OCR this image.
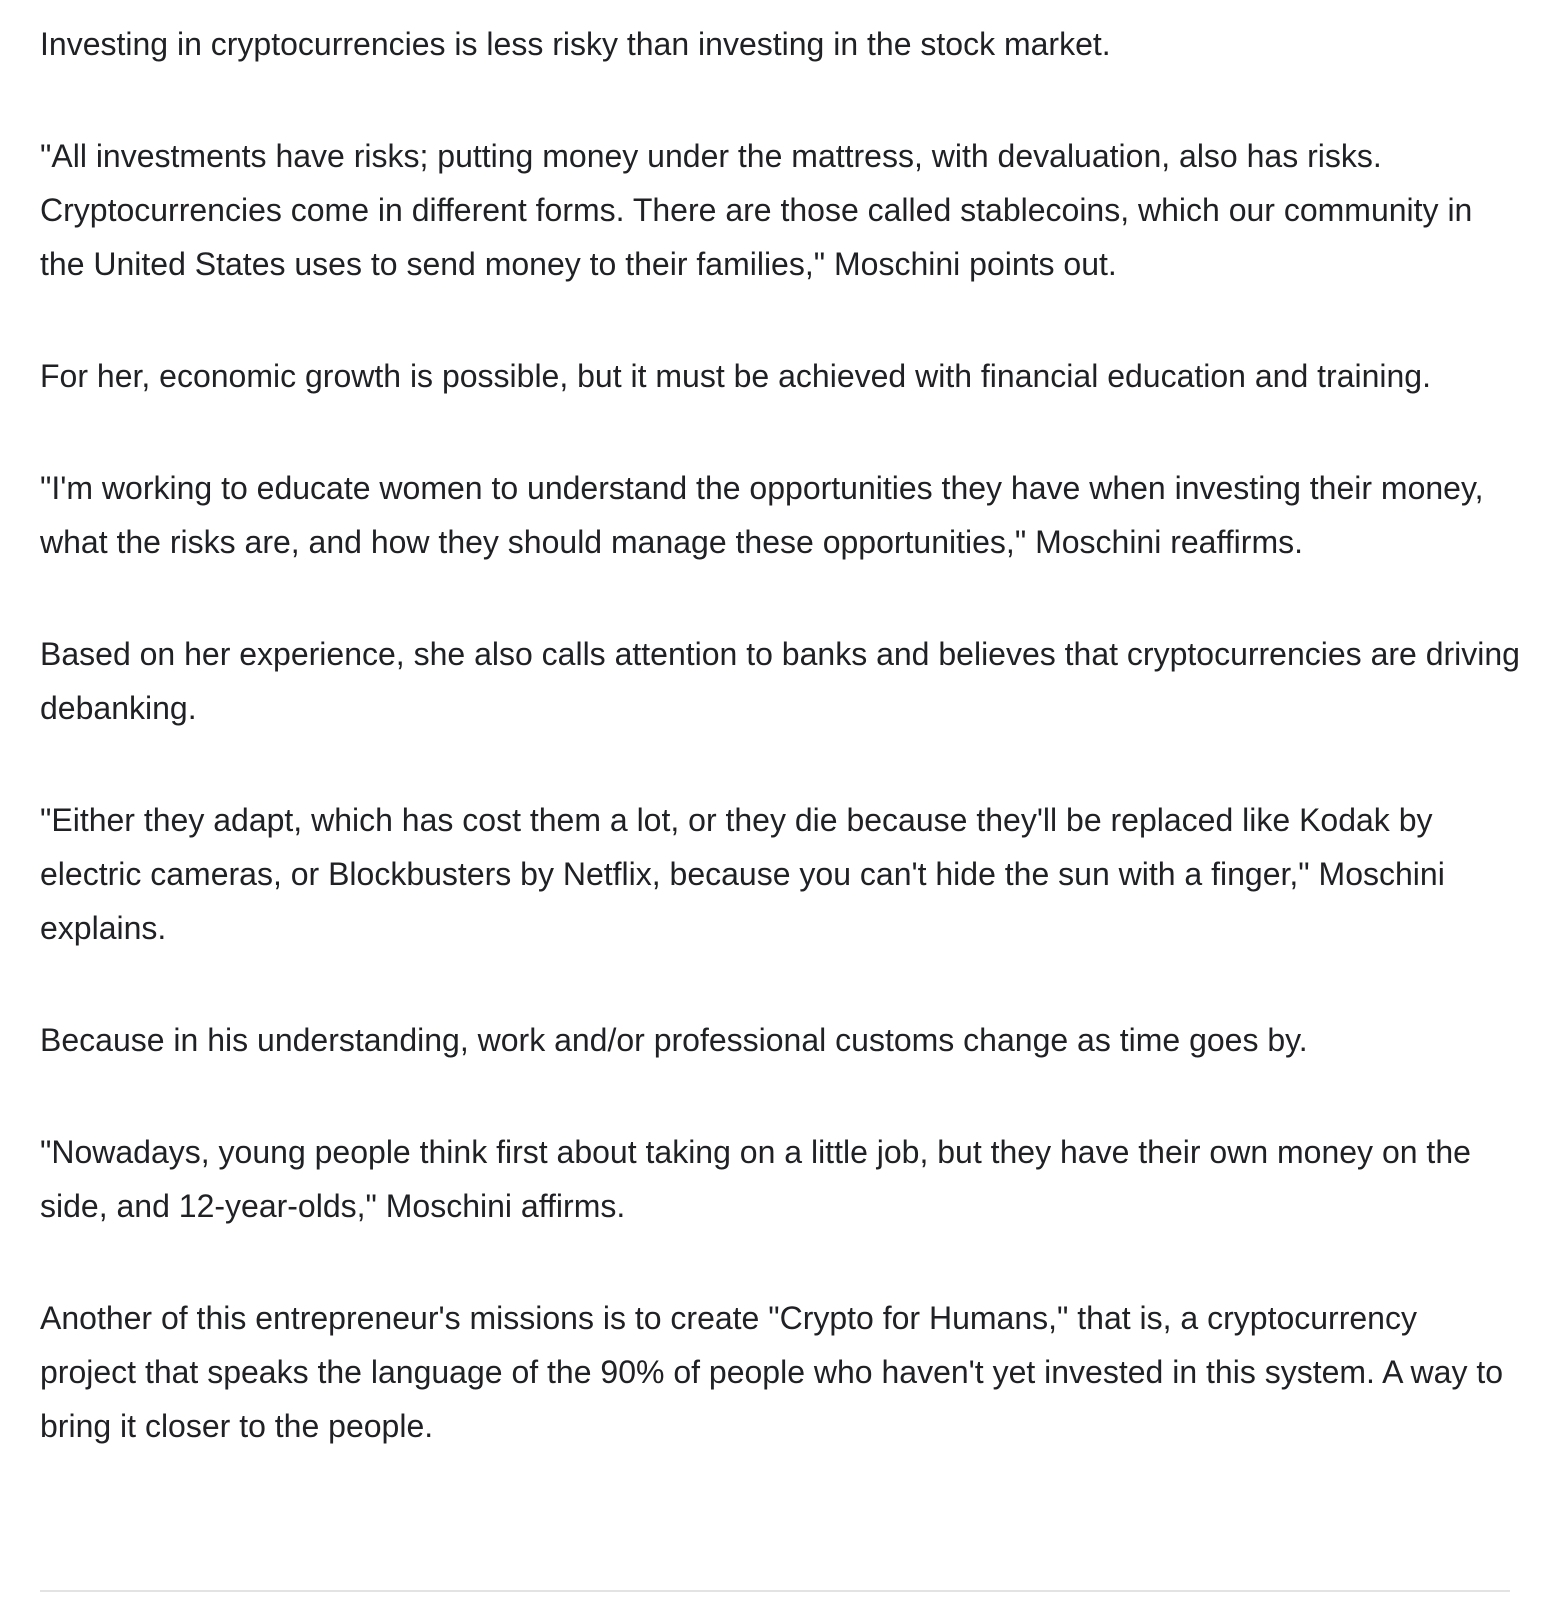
Investing in cryptocurrencies is less risky than investing in the stock market.

"All investments have risks; putting money under the mattress, with devaluation, also has risks. Cryptocurrencies come in different forms. There are those called stablecoins, which our community in the United States uses to send money to their families," Moschini points out.

For her, economic growth is possible, but it must be achieved with financial education and training.

"I'm working to educate women to understand the opportunities they have when investing their money, what the risks are, and how they should manage these opportunities," Moschini reaffirms.

Based on her experience, she also calls attention to banks and believes that cryptocurrencies are driving debanking.

"Either they adapt, which has cost them a lot, or they die because they'll be replaced like Kodak by electric cameras, or Blockbusters by Netflix, because you can't hide the sun with a finger," Moschini explains.

Because in his understanding, work and/or professional customs change as time goes by.

"Nowadays, young people think first about taking on a little job, but they have their own money on the side, and 12-year-olds," Moschini affirms.

Another of this entrepreneur's missions is to create "Crypto for Humans," that is, a cryptocurrency project that speaks the language of the 90% of people who haven't yet invested in this system. A way to bring it closer to the people.
